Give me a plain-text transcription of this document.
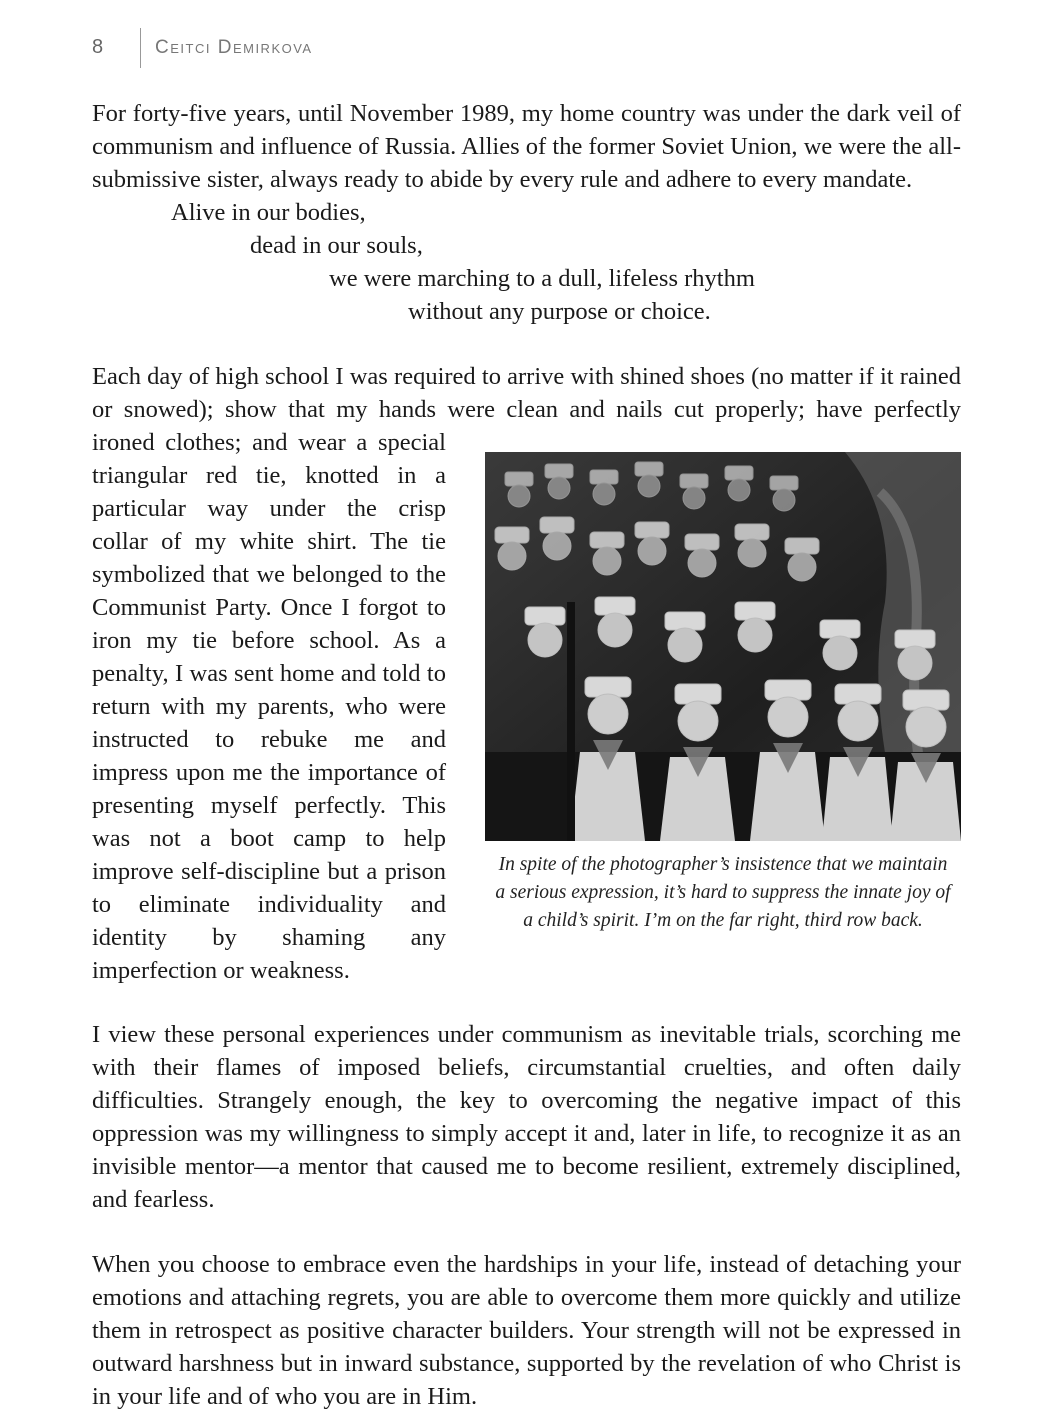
8	Ceitci Demirkova

For forty-five years, until November 1989, my home country was under the dark veil of communism and influence of Russia. Allies of the former Soviet Union, we were the all-submissive sister, always ready to abide by every rule and adhere to every mandate.

Alive in our bodies,
dead in our souls,
we were marching to a dull, lifeless rhythm
without any purpose or choice.
In spite of the photographer’s insistence that we maintain
a serious expression, it’s hard to suppress the innate joy of
a child’s spirit. I’m on the far right, third row back.

Each day of high school I was required to arrive with shined shoes (no matter if it rained
or snowed); show that my hands were clean and nails cut properly; have perfectly
ironed clothes; and wear a special triangular red tie, knotted in a particular way under the crisp collar of my white shirt. The tie symbolized that we belonged to the Communist Party. Once I forgot to iron my tie before school. As a penalty, I was sent home and told to return with my parents, who were instructed to rebuke me and impress upon me the importance of presenting myself perfectly. This was not a boot camp to help improve self-discipline but a prison to eliminate individuality and identity by shaming any imperfection or weakness.

I view these personal experiences under communism as inevitable trials, scorching me with their flames of imposed beliefs, circumstantial cruelties, and often daily difficulties. Strangely enough, the key to overcoming the negative impact of this oppression was my willingness to simply accept it and, later in life, to recognize it as an invisible mentor—a mentor that caused me to become resilient, extremely disciplined, and fearless.

When you choose to embrace even the hardships in your life, instead of detaching your emotions and attaching regrets, you are able to overcome them more quickly and utilize them in retrospect as positive character builders. Your strength will not be expressed in outward harshness but in inward substance, supported by the revelation of who Christ is in your life and of who you are in Him.
